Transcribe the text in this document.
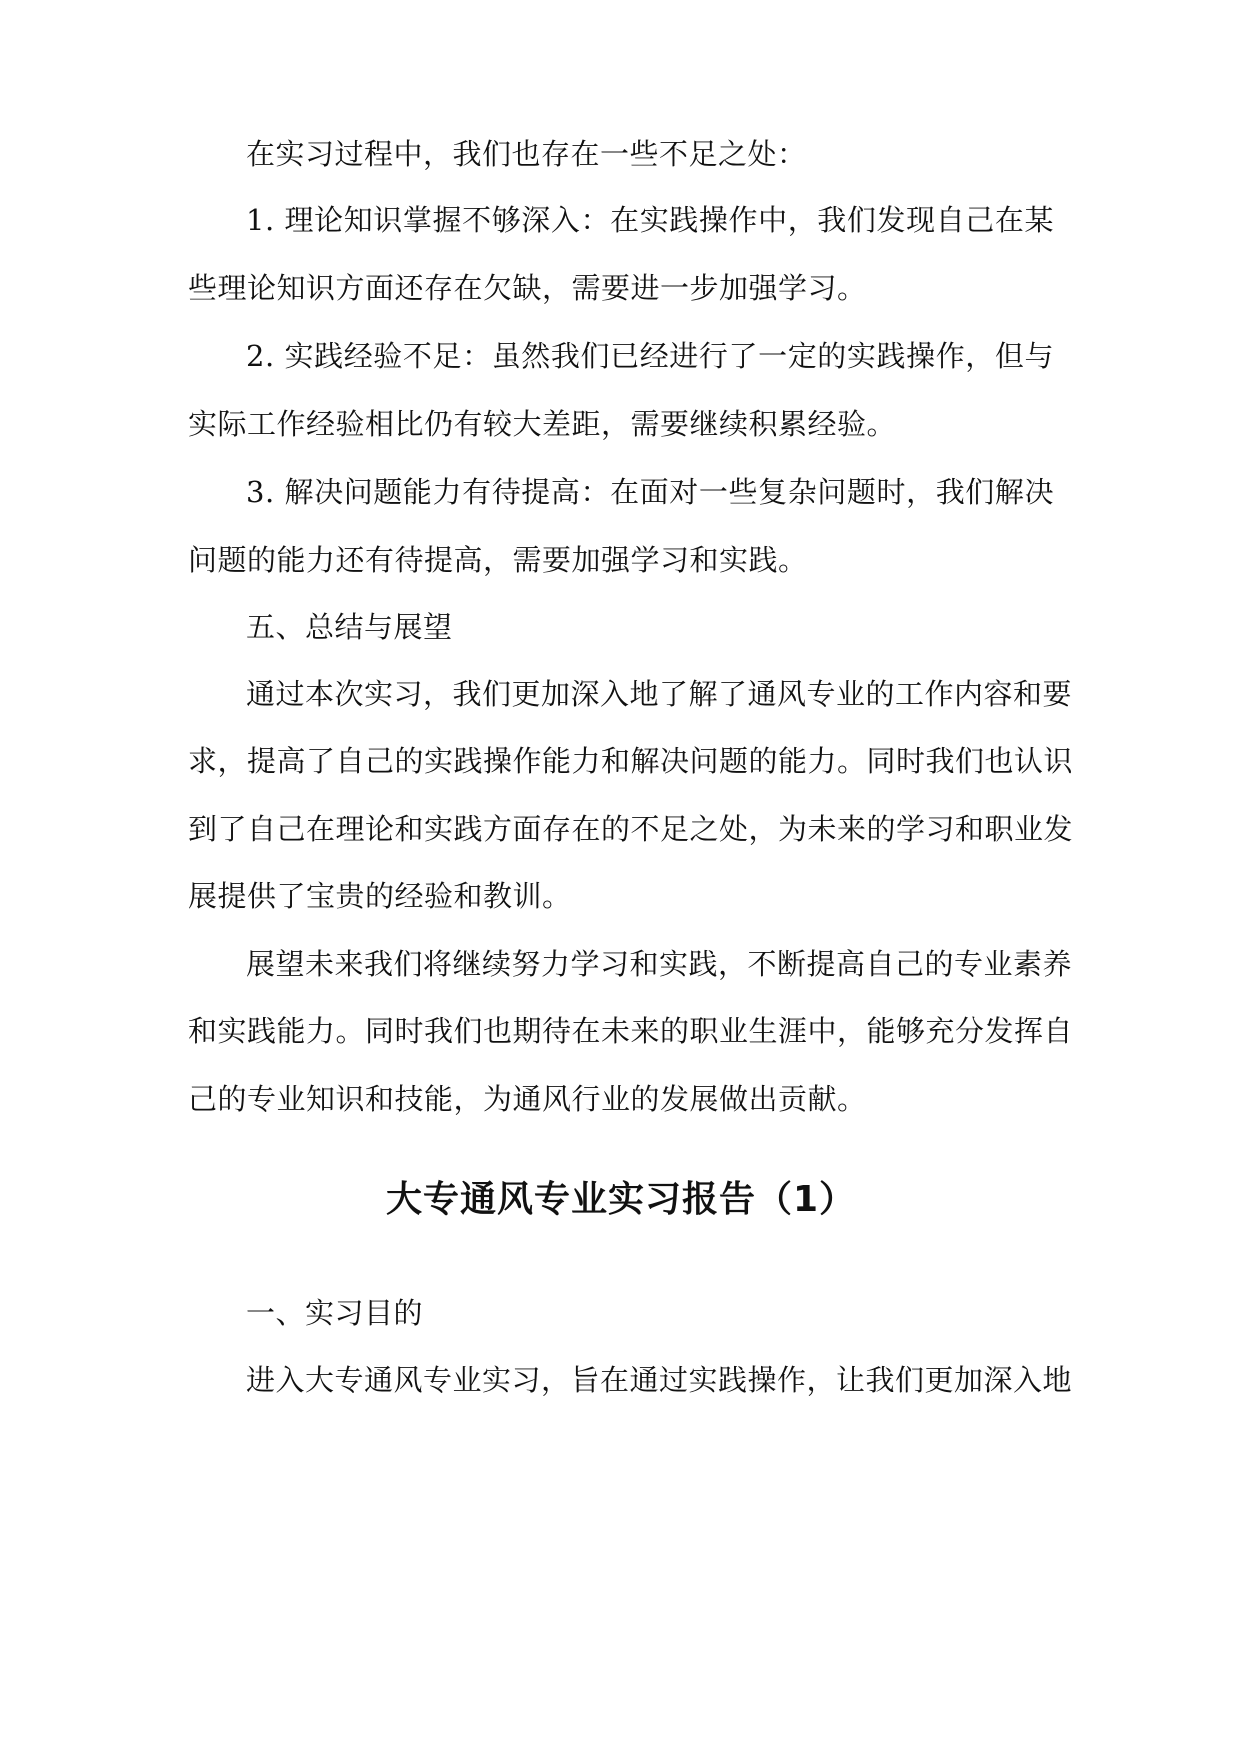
在实习过程中，我们也存在一些不足之处：
1. 理论知识掌握不够深入：在实践操作中，我们发现自己在某
些理论知识方面还存在欠缺，需要进一步加强学习。
2. 实践经验不足：虽然我们已经进行了一定的实践操作，但与
实际工作经验相比仍有较大差距，需要继续积累经验。
3. 解决问题能力有待提高：在面对一些复杂问题时，我们解决
问题的能力还有待提高，需要加强学习和实践。
五、总结与展望
通过本次实习，我们更加深入地了解了通风专业的工作内容和要
求，提高了自己的实践操作能力和解决问题的能力。同时我们也认识
到了自己在理论和实践方面存在的不足之处，为未来的学习和职业发
展提供了宝贵的经验和教训。
展望未来我们将继续努力学习和实践，不断提高自己的专业素养
和实践能力。同时我们也期待在未来的职业生涯中，能够充分发挥自
己的专业知识和技能，为通风行业的发展做出贡献。
大专通风专业实习报告（1）
一、实习目的
进入大专通风专业实习，旨在通过实践操作，让我们更加深入地
